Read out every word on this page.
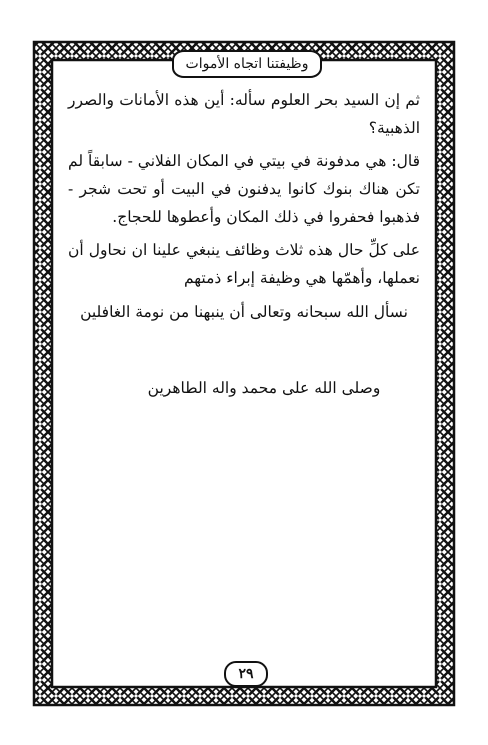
وظيفتنا اتجاه الأموات

ثم إن السيد بحر العلوم سأله: أين هذه الأمانات والصرر الذهبية؟

قال: هي مدفونة في بيتي في المكان الفلاني - سابقاً لم تكن هناك بنوك كانوا يدفنون في البيت أو تحت شجر - فذهبوا فحفروا في ذلك المكان وأعطوها للحجاج.

على كلِّ حال هذه ثلاث وظائف ينبغي علينا ان نحاول أن نعملها، وأهمّها هي وظيفة إبراء ذمتهم

نسأل الله سبحانه وتعالى أن ينبهنا من نومة الغافلين

وصلى الله على محمد واله الطاهرين

٢٩
